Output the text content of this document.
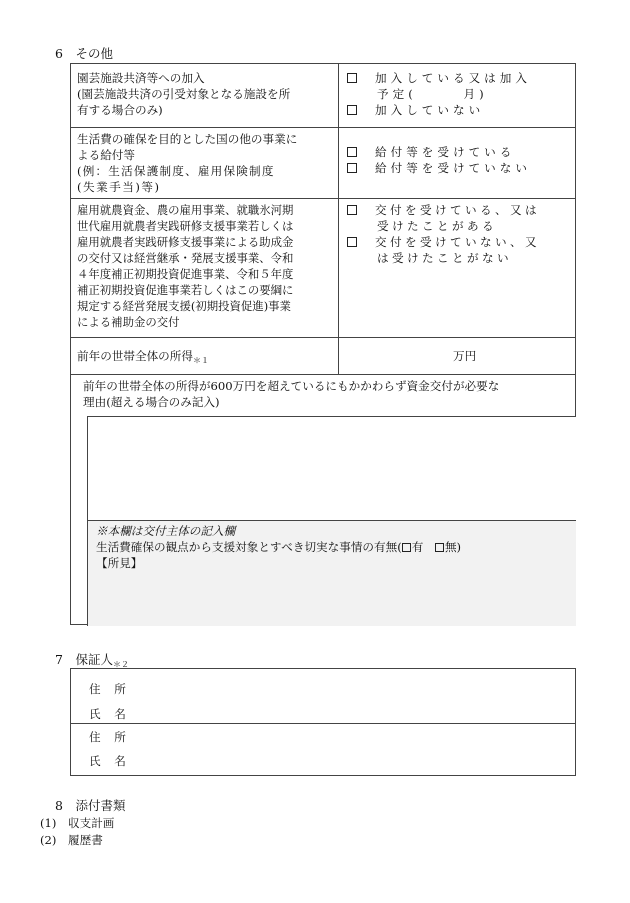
6　その他
園芸施設共済等への加入
(園芸施設共済の引受対象となる施設を所
有する場合のみ)
加入している又は加入
予定(　　　月)
加入していない
生活費の確保を目的とした国の他の事業に
よる給付等
(例：生活保護制度、雇用保険制度
(失業手当)等)
給付等を受けている
給付等を受けていない
雇用就農資金、農の雇用事業、就職氷河期
世代雇用就農者実践研修支援事業若しくは
雇用就農者実践研修支援事業による助成金
の交付又は経営継承・発展支援事業、令和
４年度補正初期投資促進事業、令和５年度
補正初期投資促進事業若しくはこの要綱に
規定する経営発展支援(初期投資促進)事業
による補助金の交付
交付を受けている、又は
受けたことがある
交付を受けていない、又
は受けたことがない
前年の世帯全体の所得$_{*1}$	万円
前年の世帯全体の所得が600万円を超えているにもかかわらず資金交付が必要な
理由(超える場合のみ記入)
※本欄は交付主体の記入欄
生活費確保の観点から支援対象とすべき切実な事情の有無( 有　 無)
【所見】
7　保証人$_{*2}$
住　所
氏　名
住　所
氏　名
8　添付書類
(1)　収支計画
(2)　履歴書
